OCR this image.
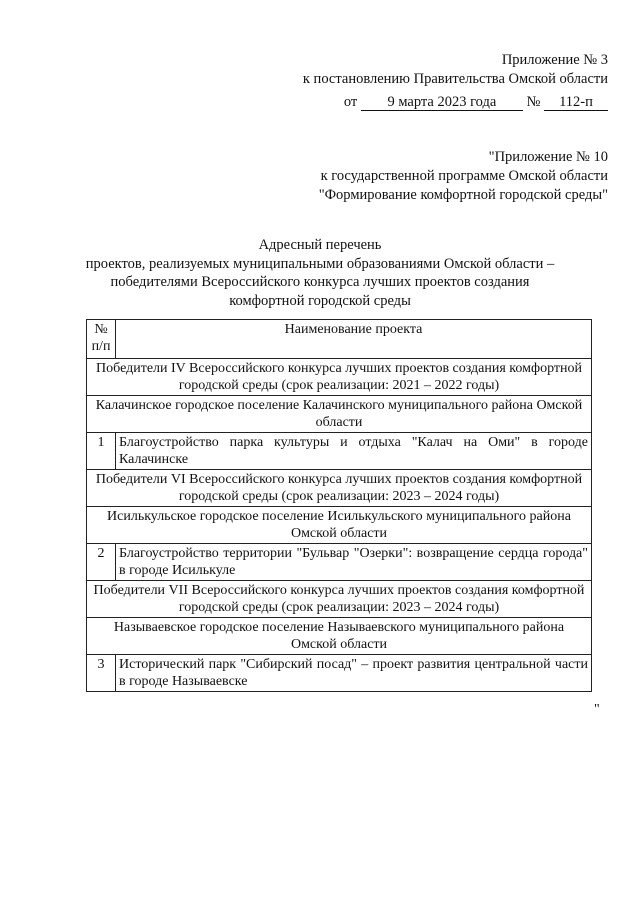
Приложение № 3
к постановлению Правительства Омской области
от 9 марта 2023 года № 112-п
"Приложение № 10
к государственной программе Омской области
"Формирование комфортной городской среды"
Адресный перечень
проектов, реализуемых муниципальными образованиями Омской области –
победителями Всероссийского конкурса лучших проектов создания
комфортной городской среды
№ п/п	Наименование проекта
Победители IV Всероссийского конкурса лучших проектов создания комфортной городской среды (срок реализации: 2021 – 2022 годы)	
Калачинское городское поселение Калачинского муниципального района Омской области	
1	Благоустройство парка культуры и отдыха "Калач на Оми" в городе Калачинске
Победители VI Всероссийского конкурса лучших проектов создания комфортной городской среды (срок реализации: 2023 – 2024 годы)	
Исилькульское городское поселение Исилькульского муниципального района Омской области	
2	Благоустройство территории "Бульвар "Озерки": возвращение сердца города" в городе Исилькуле
Победители VII Всероссийского конкурса лучших проектов создания комфортной городской среды (срок реализации: 2023 – 2024 годы)	
Называевское городское поселение Называевского муниципального района Омской области	
3	Исторический парк "Сибирский посад" – проект развития центральной части в городе Называевске
"
